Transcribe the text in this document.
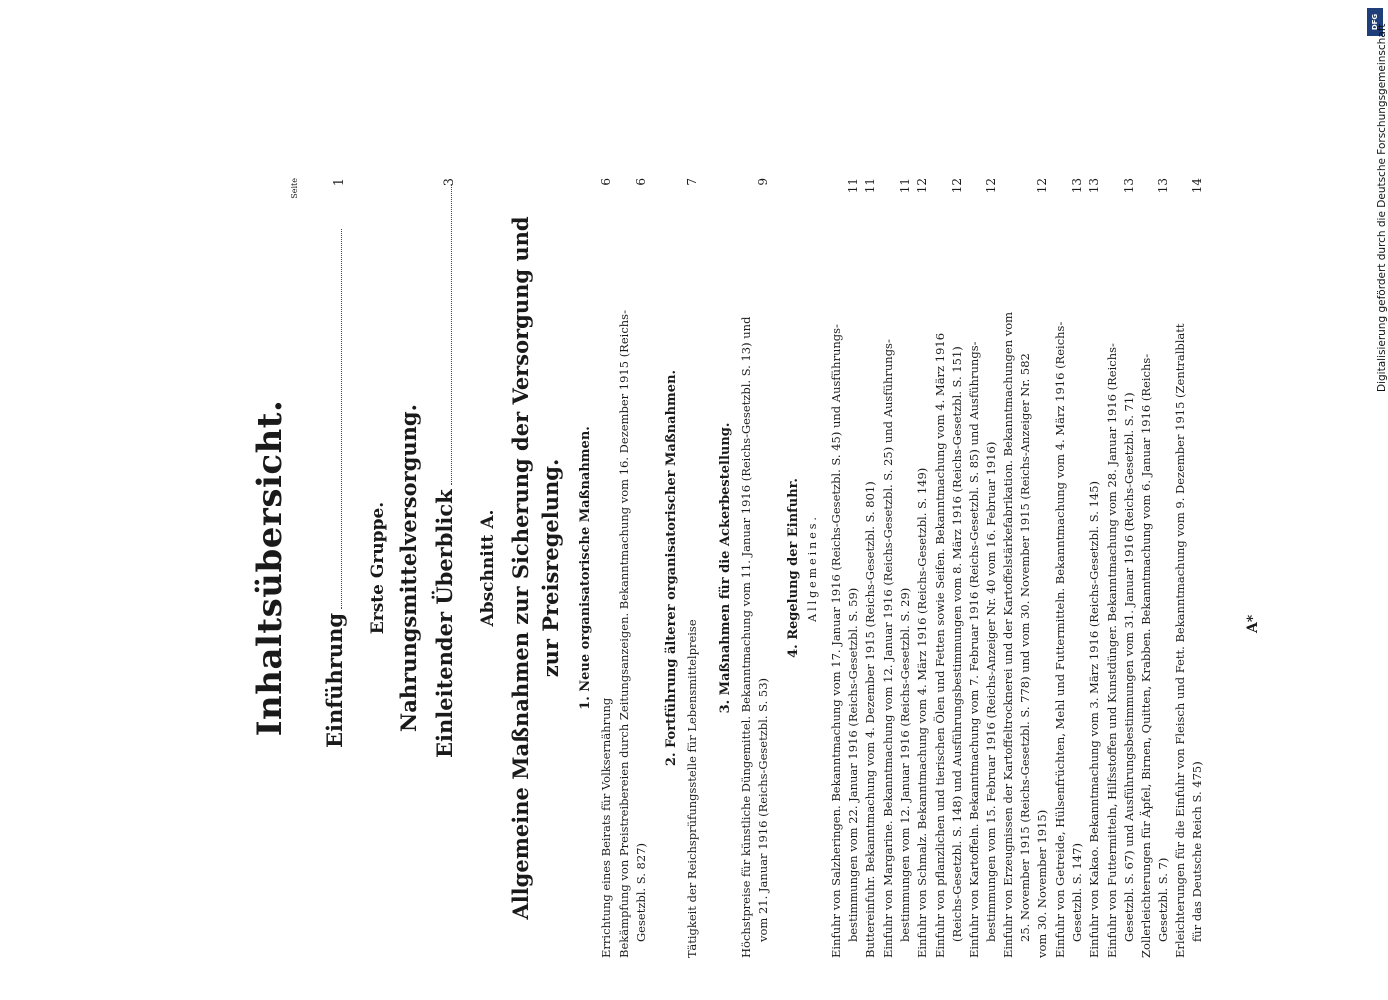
Inhaltsübersicht.
Seite
Einführung
1
Erste Gruppe. Nahrungsmittelversorgung. Einleitender Überblick
3
Abschnitt A. Allgemeine Maßnahmen zur Sicherung der Versorgung und zur Preisregelung. 1. Neue organisatorische Maßnahmen.
Errichtung eines Beirats für Volksernährung
6
Bekämpfung von Preistreibereien durch Zeitungsanzeigen. Bekanntmachung vom 16. Dezember 1915 (Reichs- Gesetzbl. S. 827)
6
2. Fortführung älterer organisatorischer Maßnahmen.
Tätigkeit der Reichsprüfungsstelle für Lebensmittelpreise
7
3. Maßnahmen für die Ackerbestellung. Höchstpreise für künstliche Düngemittel. Bekanntmachung vom 11. Januar 1916 (Reichs-Gesetzbl. S. 13) und vom 21. Januar 1916 (Reichs-Gesetzbl. S. 53)
9
4. Regelung der Einfuhr. Allgemeines. Einfuhr von Salzheringen. Bekanntmachung vom 17. Januar 1916 (Reichs-Gesetzbl. S. 45) und Ausführungs- bestimmungen vom 22. Januar 1916 (Reichs-Gesetzbl. S. 59)
11
Buttereinfuhr. Bekanntmachung vom 4. Dezember 1915 (Reichs-Gesetzbl. S. 801)
11
Einfuhr von Margarine. Bekanntmachung vom 12. Januar 1916 (Reichs-Gesetzbl. S. 25) und Ausführungs- bestimmungen vom 12. Januar 1916 (Reichs-Gesetzbl. S. 29)
11
Einfuhr von Schmalz. Bekanntmachung vom 4. März 1916 (Reichs-Gesetzbl. S. 149)
12
Einfuhr von pflanzlichen und tierischen Ölen und Fetten sowie Seifen. Bekanntmachung vom 4. März 1916 (Reichs-Gesetzbl. S. 148) und Ausführungsbestimmungen vom 8. März 1916 (Reichs-Gesetzbl. S. 151)
12
Einfuhr von Kartoffeln. Bekanntmachung vom 7. Februar 1916 (Reichs-Gesetzbl. S. 85) und Ausführungs- bestimmungen vom 15. Februar 1916 (Reichs-Anzeiger Nr. 40 vom 16. Februar 1916)
12
Einfuhr von Erzeugnissen der Kartoffeltrocknerei und der Kartoffelstärkefabrikation. Bekanntmachungen vom 25. November 1915 (Reichs-Gesetzbl. S. 778) und vom 30. November 1915 (Reichs-Anzeiger Nr. 582 vom 30. November 1915)
12
Einfuhr von Getreide, Hülsenfrüchten, Mehl und Futtermitteln. Bekanntmachung vom 4. März 1916 (Reichs- Gesetzbl. S. 147)
13
Einfuhr von Kakao. Bekanntmachung vom 3. März 1916 (Reichs-Gesetzbl. S. 145)
13
Einfuhr von Futtermitteln, Hilfsstoffen und Kunstdünger. Bekanntmachung vom 28. Januar 1916 (Reichs- Gesetzbl. S. 67) und Ausführungsbestimmungen vom 31. Januar 1916 (Reichs-Gesetzbl. S. 71)
13
Zollerleichterungen für Äpfel, Birnen, Quitten, Krabben. Bekanntmachung vom 6. Januar 1916 (Reichs- Gesetzbl. S. 7)
13
Erleichterungen für die Einfuhr von Fleisch und Fett. Bekanntmachung vom 9. Dezember 1915 (Zentralblatt für das Deutsche Reich S. 475)
14
A*
DFG
Digitalisierung gefördert durch die Deutsche Forschungsgemeinschaft
